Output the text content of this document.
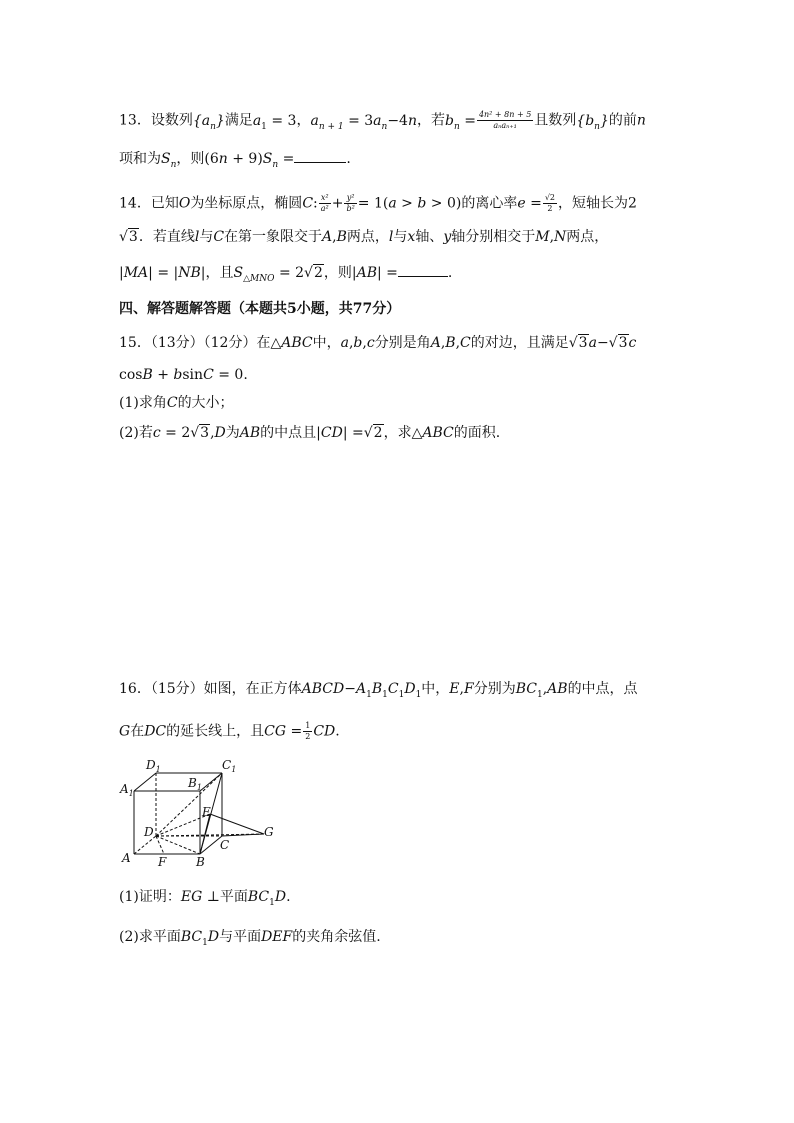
13．设数列$\{a_n\}$满足$a_1 = 3$，$a_{n + 1} = 3a_n-4n$，若$b_n = \frac{\text{4n² + 8n + 5}}{\text{aₙaₙ₊₁}}$ 且数列$\{b_n\}$的前n
项和为$S_n$，则$(6n + 9)S_n$ =	.
14．已知O为坐标原点，椭圆C: $\frac{\text{x²}}{\text{a²}} + \frac{\text{y²}}{\text{b²}} = 1(a > b > 0)$的离心率$e = \frac{√2}{2}$ ，短轴长为2
√3．若直线l与C在第一象限交于A,B两点，l与x轴、y轴分别相交于M,N两点，
|MA| = |NB|，且$S_{\triangle MNO} = 2√2$，则|AB| =	.
四、解答题解答题（本题共5小题，共77分）
15．（13分）（12分）在△ABC中，a,b,c分别是角A,B,C的对边，且满足√3a−√3c
cosB + bsinC = 0.
(1)求角C的大小；
(2)若c = 2√3,D为AB的中点且|CD| =√2，求△ABC的面积.
16．（15分）如图，在正方体$ABCD-A_1B_1C_1D_1$中，E,F分别为$BC_1,AB$的中点，点
G在DC的延长线上，且CG = $\frac{1}{2}$ CD.
$D_1$	$C_1$
$A_1$
$B_1$
E
D	G
C
A F B
(1)证明：EG ⊥平面$BC_1D$.
(2)求平面$BC_1D$与平面DEF的夹角余弦值.
